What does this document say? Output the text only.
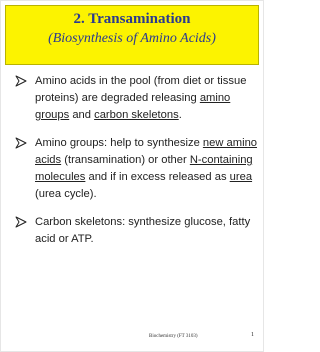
2. Transamination
(Biosynthesis of Amino Acids)
Amino acids in the pool (from diet or tissue proteins) are degraded releasing amino groups and carbon skeletons.
Amino groups: help to synthesize new amino acids (transamination) or other N-containing molecules and if in excess released as urea (urea cycle).
Carbon skeletons: synthesize glucose, fatty acid or ATP.
Biochemistry (FT 3103)	1
